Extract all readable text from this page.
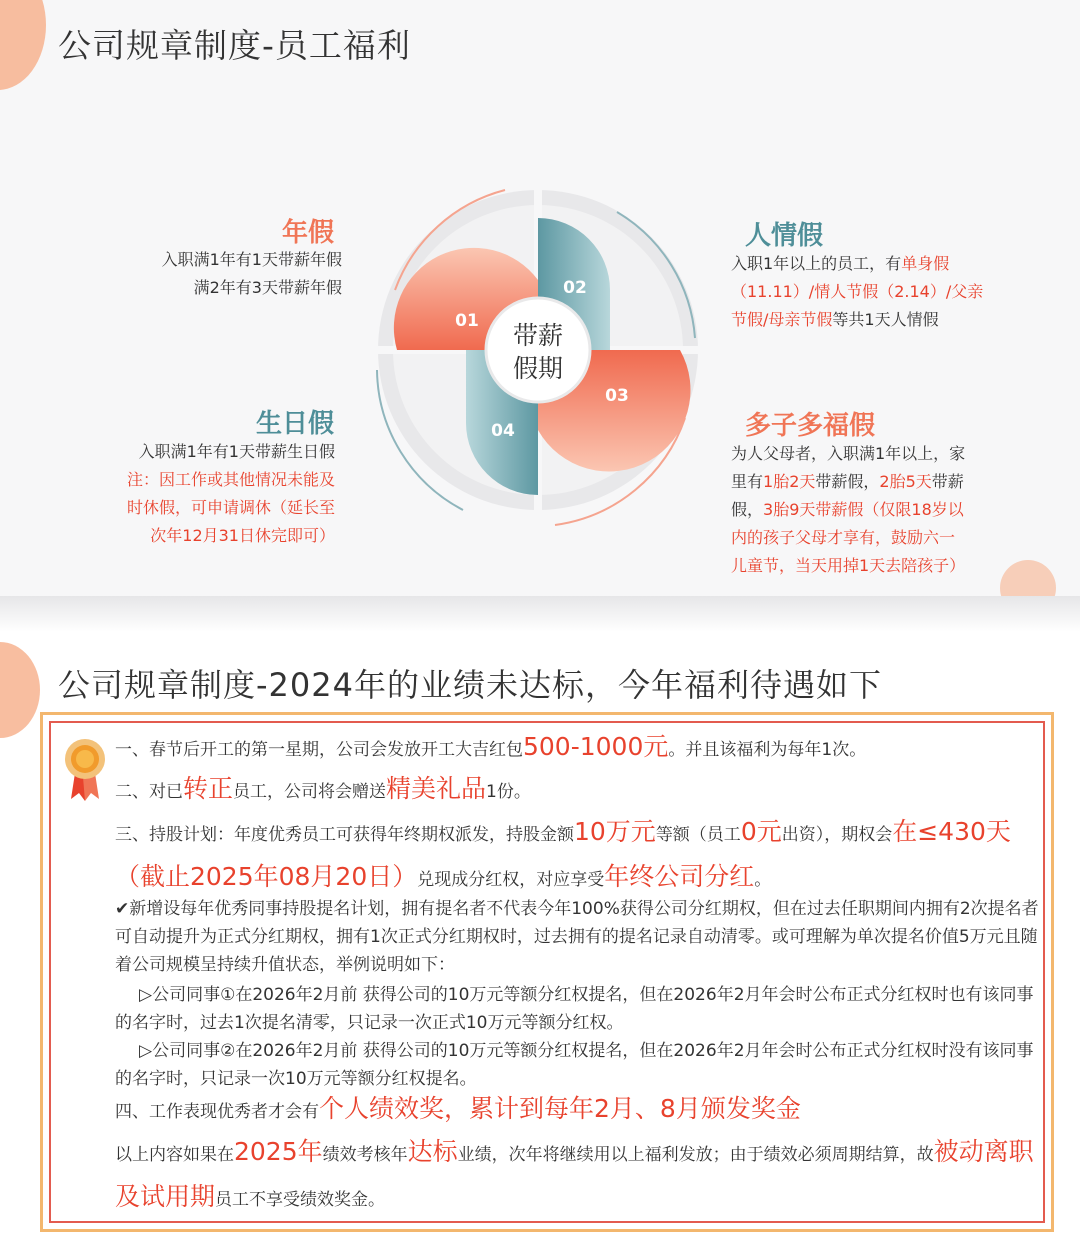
公司规章制度-员工福利
年假
入职满1年有1天带薪年假
满2年有3天带薪年假
人情假
入职1年以上的员工，有单身假
（11.11）/情人节假（2.14）/父亲
节假/母亲节假等共1天人情假
生日假
入职满1年有1天带薪生日假
注：因工作或其他情况未能及
时休假，可申请调休（延长至
次年12月31日休完即可）
多子多福假
为人父母者，入职满1年以上，家
里有1胎2天带薪假，2胎5天带薪
假，3胎9天带薪假（仅限18岁以
内的孩子父母才享有，鼓励六一
儿童节，当天用掉1天去陪孩子）
带薪
假期
01
02
03
04
公司规章制度-2024年的业绩未达标，今年福利待遇如下
一、春节后开工的第一星期，公司会发放开工大吉红包500-1000元。并且该福利为每年1次。
二、对已转正员工，公司将会赠送精美礼品1份。
三、持股计划：年度优秀员工可获得年终期权派发，持股金额10万元等额（员工0元出资），期权会在≤430天（截止2025年08月20日）兑现成分红权，对应享受年终公司分红。
✔新增设每年优秀同事持股提名计划，拥有提名者不代表今年100%获得公司分红期权，但在过去任职期间内拥有2次提名者可自动提升为正式分红期权，拥有1次正式分红期权时，过去拥有的提名记录自动清零。或可理解为单次提名价值5万元且随着公司规模呈持续升值状态，举例说明如下：
▷公司同事①在2026年2月前 获得公司的10万元等额分红权提名，但在2026年2月年会时公布正式分红权时也有该同事的名字时，过去1次提名清零，只记录一次正式10万元等额分红权。
▷公司同事②在2026年2月前 获得公司的10万元等额分红权提名，但在2026年2月年会时公布正式分红权时没有该同事的名字时，只记录一次10万元等额分红权提名。
四、工作表现优秀者才会有个人绩效奖，累计到每年2月、8月颁发奖金
以上内容如果在2025年绩效考核年达标业绩，次年将继续用以上福利发放；由于绩效必须周期结算，故被动离职及试用期员工不享受绩效奖金。
